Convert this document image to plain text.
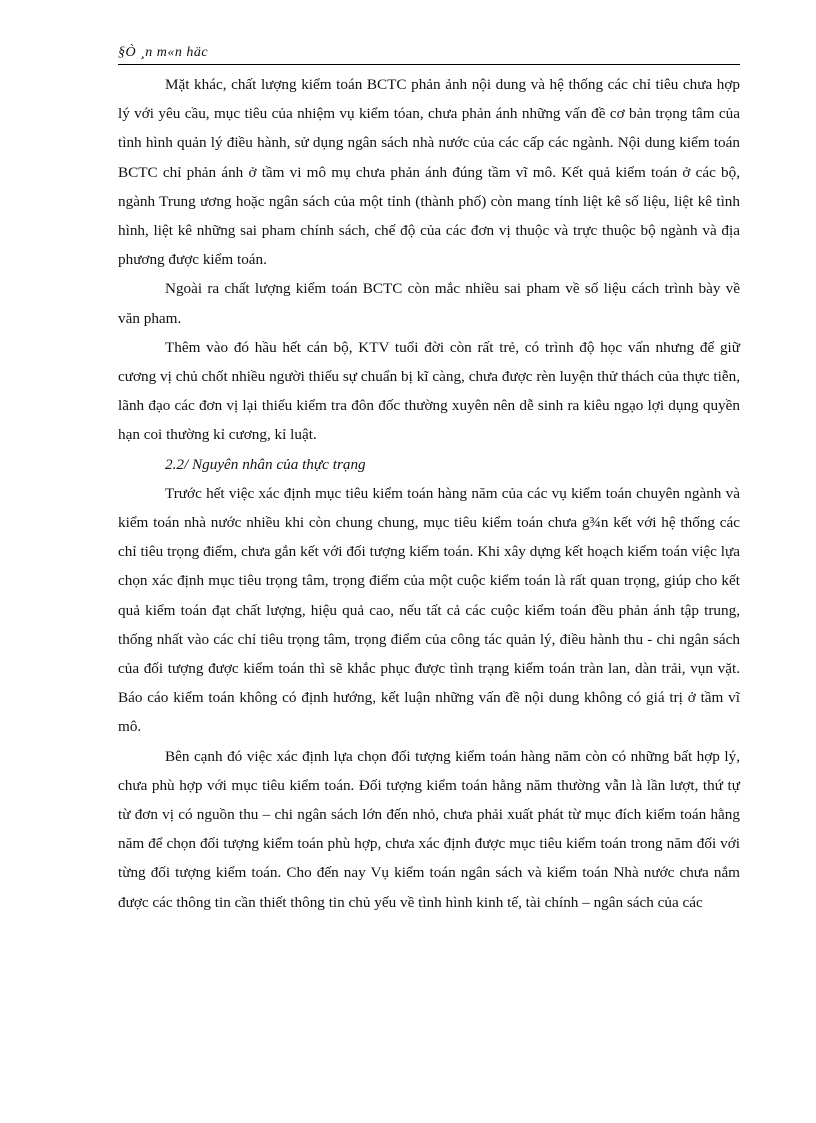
§Ò ¸n m«n häc

Mặt khác, chất lượng kiểm toán BCTC phản ảnh nội dung và hệ thống các chỉ tiêu chưa hợp lý với yêu cầu, mục tiêu của nhiệm vụ kiểm tóan, chưa phản ánh những vấn đề cơ bản trọng tâm của tình hình quản lý điều hành, sử dụng ngân sách nhà nước của các cấp các ngành. Nội dung kiểm toán BCTC chỉ phản ánh ở tầm vi mô mụ chưa phản ánh đúng tầm vĩ mô. Kết quả kiểm toán ở các bộ, ngành Trung ương hoặc ngân sách của một tỉnh (thành phố) còn mang tính liệt kê số liệu, liệt kê tình hình, liệt kê những sai pham chính sách, chế độ của các đơn vị thuộc và trực thuộc bộ ngành và địa phương được kiểm toán.

Ngoài ra chất lượng kiểm toán BCTC còn mắc nhiều sai pham về số liệu cách trình bày về văn pham.

Thêm vào đó hầu hết cán bộ, KTV tuổi đời còn rất trẻ, có trình độ học vấn nhưng để giữ cương vị chủ chốt nhiều người thiếu sự chuẩn bị kĩ càng, chưa được rèn luyện thử thách của thực tiễn, lãnh đạo các đơn vị lại thiếu kiểm tra đôn đốc thường xuyên nên dễ sinh ra kiêu ngạo lợi dụng quyền hạn coi thường kỉ cương, kỉ luật.

2.2/ Nguyên nhân của thực trạng

Trước hết việc xác định mục tiêu kiểm toán hàng năm của các vụ kiểm toán chuyên ngành và kiểm toán nhà nước nhiều khi còn chung chung, mục tiêu kiểm toán chưa g¾n kết với hệ thống các chỉ tiêu trọng điểm, chưa gắn kết với đối tượng kiểm toán. Khi xây dựng kết hoạch kiểm toán việc lựa chọn xác định mục tiêu trọng tâm, trọng điểm của một cuộc kiểm toán là rất quan trọng, giúp cho kết quả kiểm toán đạt chất lượng, hiệu quả cao, nếu tất cả các cuộc kiểm toán đều phản ánh tập trung, thống nhất vào các chỉ tiêu trọng tâm, trọng điểm của công tác quản lý, điều hành thu - chi ngân sách của đối tượng được kiểm toán thì sẽ khắc phục được tình trạng kiểm toán tràn lan, dàn trải, vụn vặt. Báo cáo kiểm toán không có định hướng, kết luận những vấn đề nội dung không có giá trị ở tầm vĩ mô.

Bên cạnh đó việc xác định lựa chọn đối tượng kiểm toán hàng năm còn có những bất hợp lý, chưa phù hợp với mục tiêu kiểm toán. Đối tượng kiểm toán hằng năm thường vẫn là lần lượt, thứ tự từ đơn vị có nguồn thu – chi ngân sách lớn đến nhỏ, chưa phải xuất phát từ mục đích kiểm toán hằng năm để chọn đối tượng kiểm toán phù hợp, chưa xác định được mục tiêu kiểm toán trong năm đối với từng đối tượng kiểm toán. Cho đến nay Vụ kiểm toán ngân sách và kiểm toán Nhà nước chưa nắm được các thông tin cần thiết thông tin chủ yếu về tình hình kinh tế, tài chính – ngân sách của các
